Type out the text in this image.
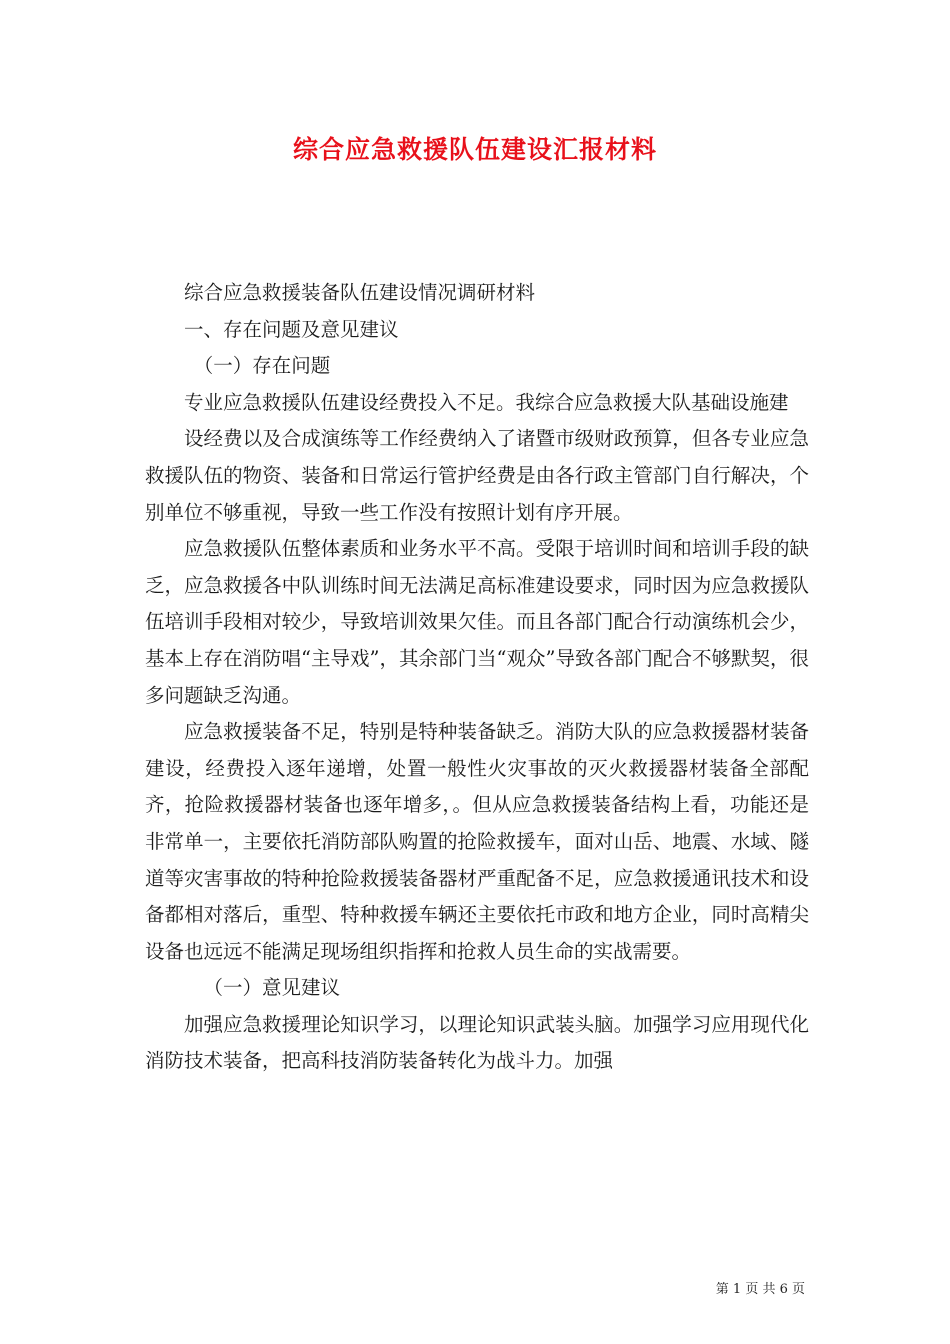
综合应急救援队伍建设汇报材料

综合应急救援装备队伍建设情况调研材料

一、存在问题及意见建议

（一）存在问题

专业应急救援队伍建设经费投入不足。我综合应急救援大队基础设施建

设经费以及合成演练等工作经费纳入了诸暨市级财政预算，但各专业应急救援队伍的物资、装备和日常运行管护经费是由各行政主管部门自行解决，个别单位不够重视，导致一些工作没有按照计划有序开展。

应急救援队伍整体素质和业务水平不高。受限于培训时间和培训手段的缺乏，应急救援各中队训练时间无法满足高标准建设要求，同时因为应急救援队伍培训手段相对较少，导致培训效果欠佳。而且各部门配合行动演练机会少，基本上存在消防唱“主导戏”，其余部门当“观众”导致各部门配合不够默契，很多问题缺乏沟通。

应急救援装备不足，特别是特种装备缺乏。消防大队的应急救援器材装备建设，经费投入逐年递增，处置一般性火灾事故的灭火救援器材装备全部配齐，抢险救援器材装备也逐年增多，。但从应急救援装备结构上看，功能还是非常单一，主要依托消防部队购置的抢险救援车，面对山岳、地震、水域、隧道等灾害事故的特种抢险救援装备器材严重配备不足，应急救援通讯技术和设备都相对落后，重型、特种救援车辆还主要依托市政和地方企业，同时高精尖设备也远远不能满足现场组织指挥和抢救人员生命的实战需要。

（一）意见建议

加强应急救援理论知识学习，以理论知识武装头脑。加强学习应用现代化消防技术装备，把高科技消防装备转化为战斗力。加强

第 1 页 共 6 页
